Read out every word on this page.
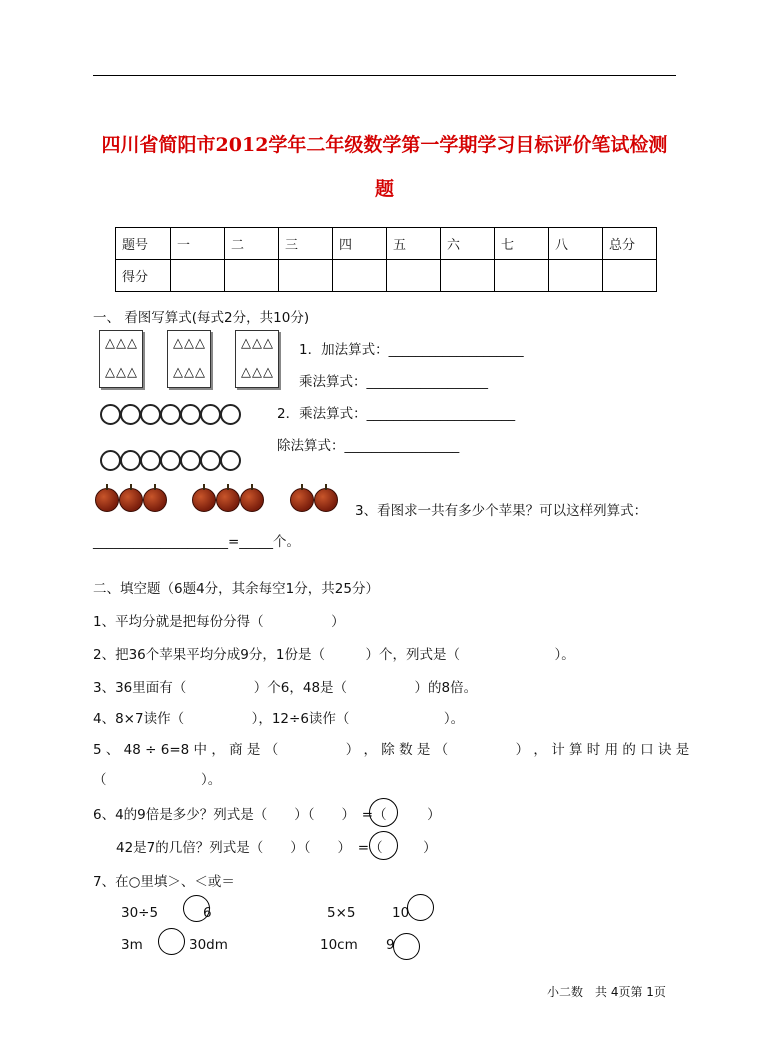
四川省简阳市2012学年二年级数学第一学期学习目标评价笔试检测
题
题号	一	二	三	四	五	六	七	八	总分
得分									
一、 看图写算式(每式2分，共10分)
△△△
△△△
△△△
△△△
△△△
△△△
1．加法算式：____________________
乘法算式：__________________
2．乘法算式：______________________
除法算式：_________________
3、看图求一共有多少个苹果？可以这样列算式：
____________________=_____个。
二、填空题（6题4分，其余每空1分，共25分）
1、平均分就是把每份分得（　　　　　）
2、把36个苹果平均分成9分，1份是（　　　）个，列式是（　　　　　　　）。
3、36里面有（　　　　　）个6，48是（　　　　　）的8倍。
4、8×7读作（　　　　　），12÷6读作（　　　　　　　）。
5 、 48 ÷ 6=8 中 ， 商 是 （　　　　　） ， 除 数 是 （　　　　　） ， 计 算 时 用 的 口 诀 是
（　　　　　　　）。
6、4的9倍是多少？列式是（　　）（　　）　=（　　　）
42是7的几倍？列式是（　　）（　　）　=（　　　）
7、在○里填＞、＜或＝
30÷5	6	5×5	10
3m	30dm	10cm 9
小二数　共 4页第 1页
